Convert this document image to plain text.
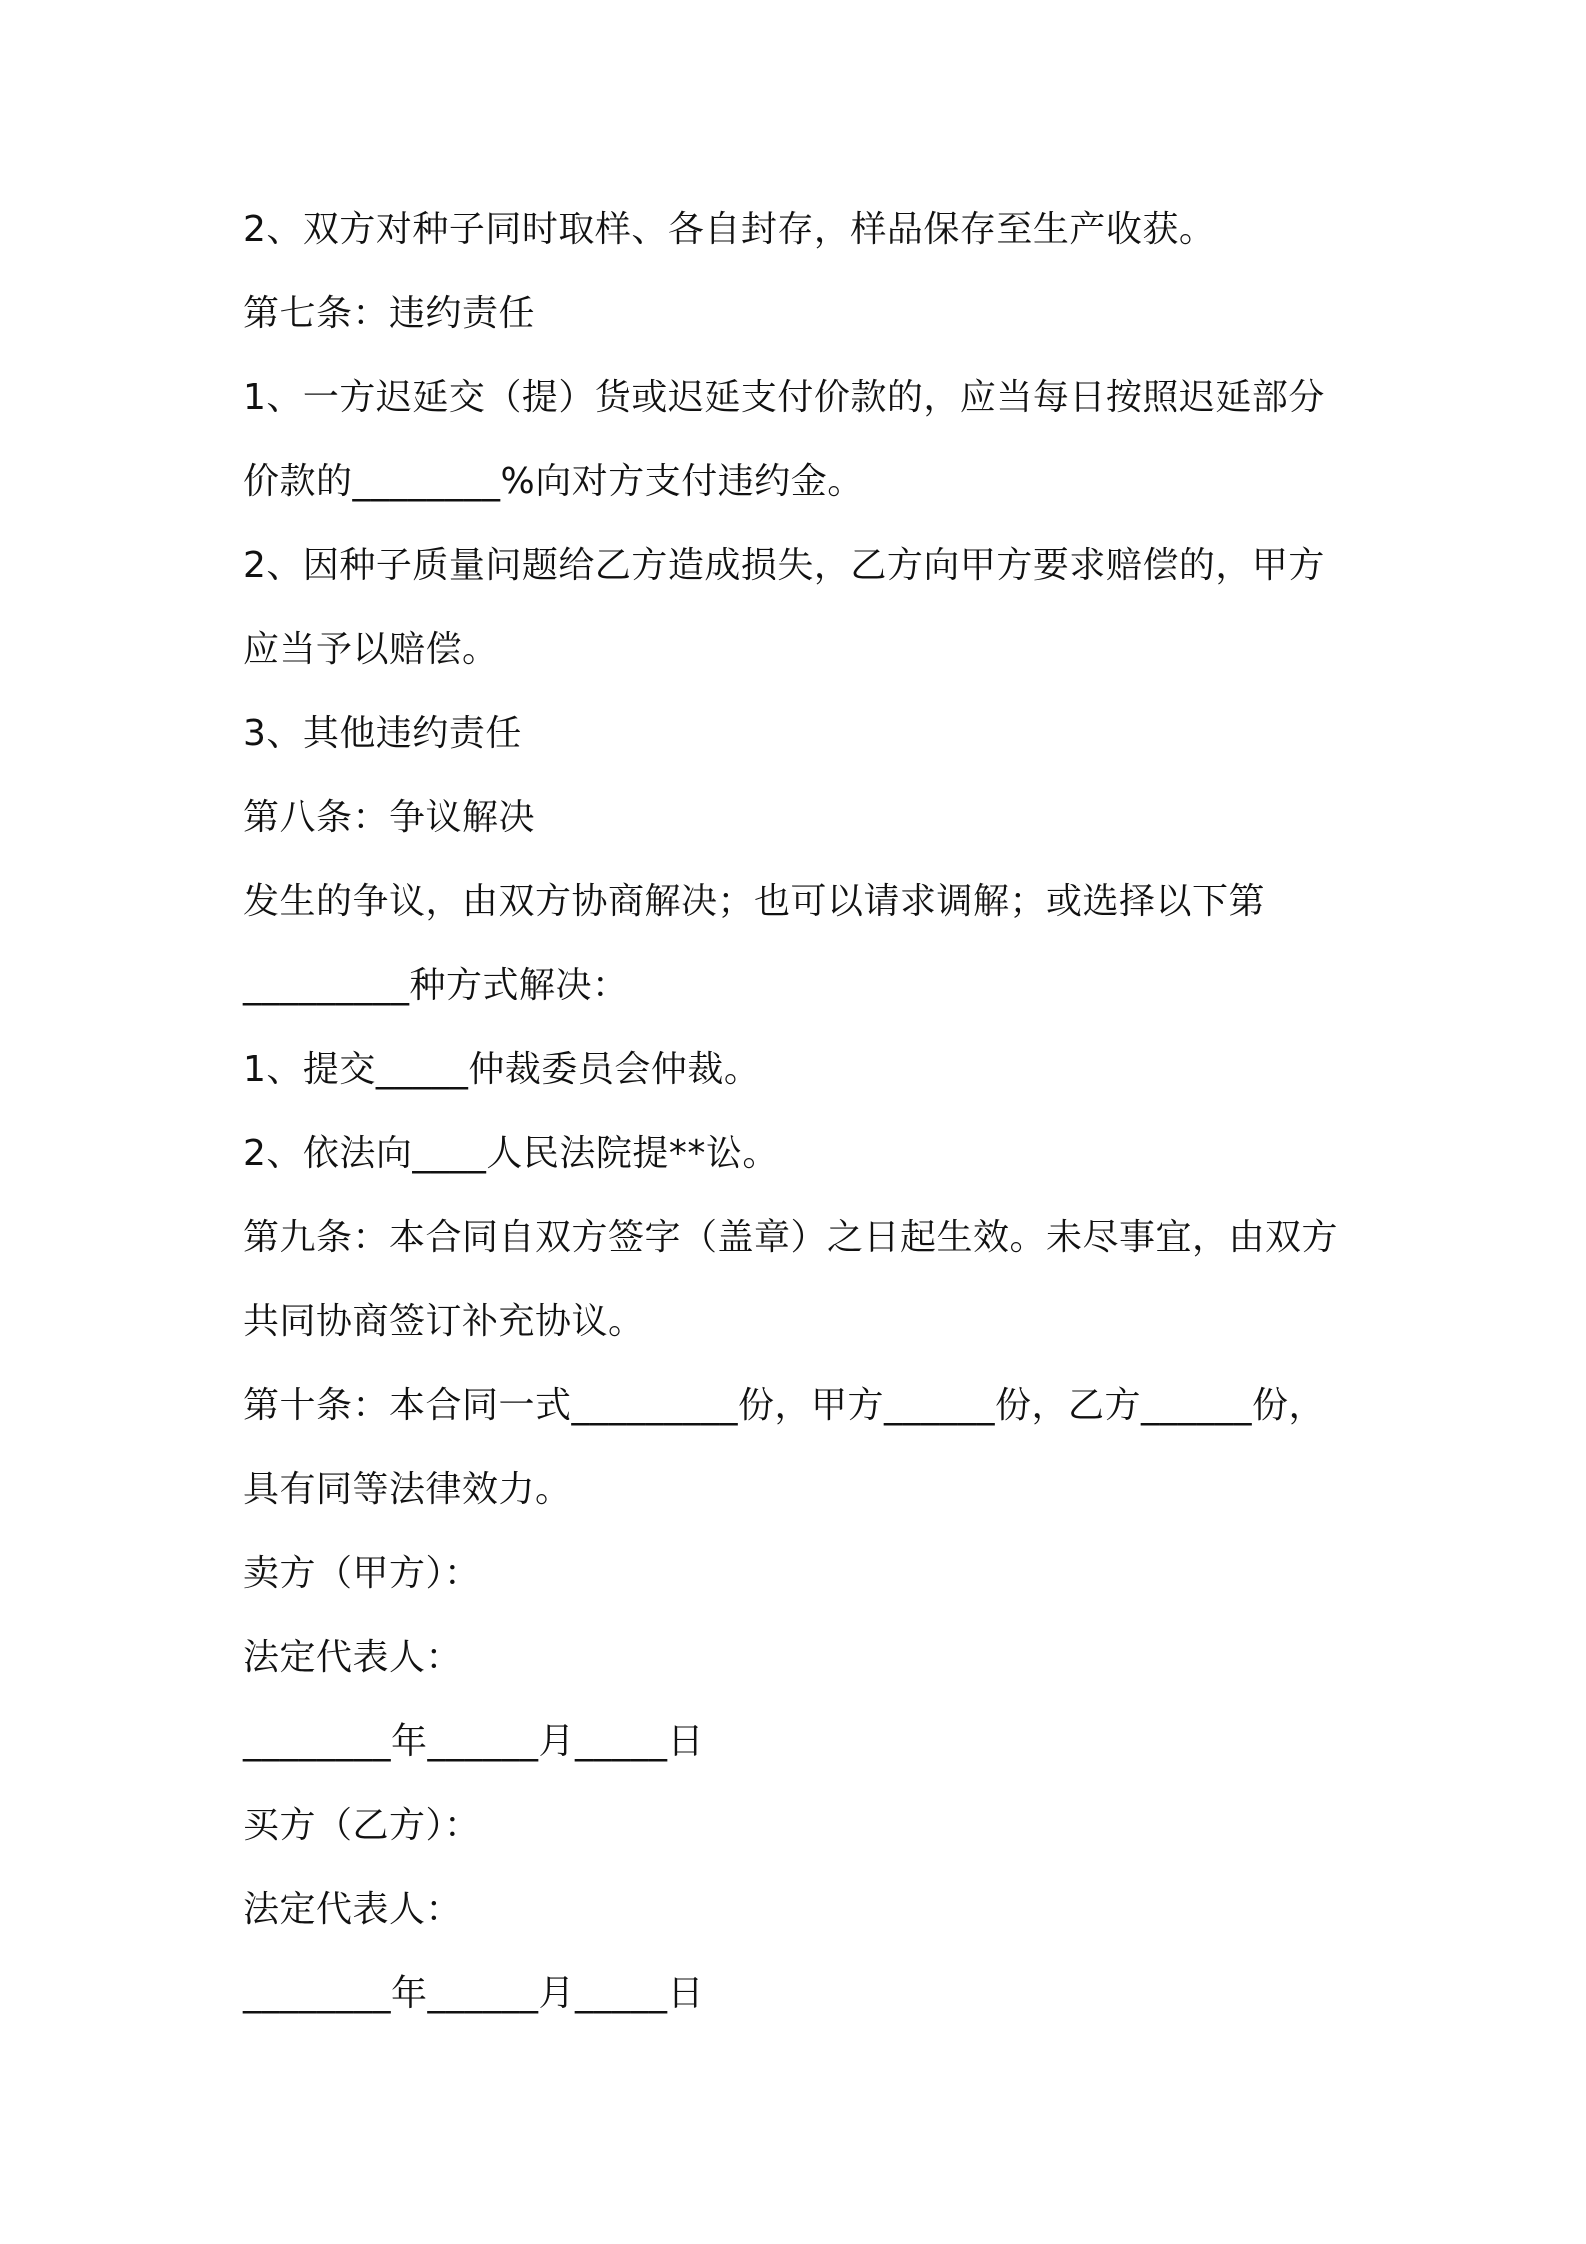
2、双方对种子同时取样、各自封存，样品保存至生产收获。
第七条：违约责任
1、一方迟延交（提）货或迟延支付价款的，应当每日按照迟延部分
价款的________%向对方支付违约金。
2、因种子质量问题给乙方造成损失，乙方向甲方要求赔偿的，甲方
应当予以赔偿。
3、其他违约责任
第八条：争议解决
发生的争议，由双方协商解决；也可以请求调解；或选择以下第
_________种方式解决：
1、提交_____仲裁委员会仲裁。
2、依法向____人民法院提**讼。
第九条：本合同自双方签字（盖章）之日起生效。未尽事宜，由双方
共同协商签订补充协议。
第十条：本合同一式_________份，甲方______份，乙方______份，
具有同等法律效力。
卖方（甲方）：
法定代表人：
________年______月_____日
买方（乙方）：
法定代表人：
________年______月_____日
